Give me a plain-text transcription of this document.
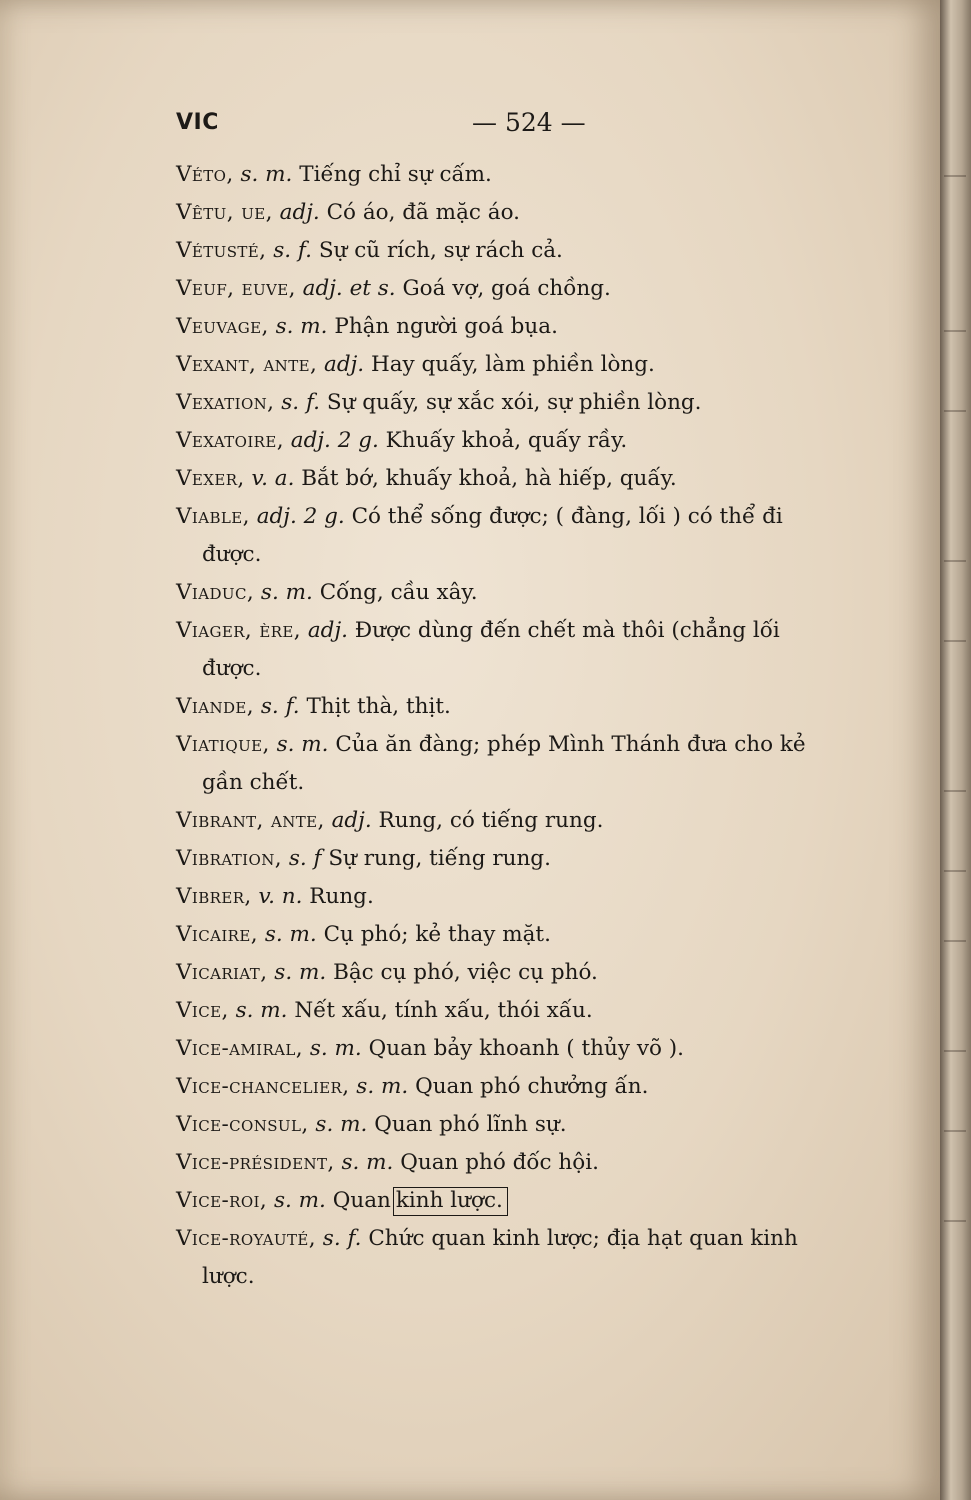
VIC	— 524 —
Véto, s. m. Tiếng chỉ sự cấm.
Vêtu, ue, adj. Có áo, đã mặc áo.
Vétusté, s. f. Sự cũ rích, sự rách cả.
Veuf, euve, adj. et s. Goá vợ, goá chồng.
Veuvage, s. m. Phận người goá bụa.
Vexant, ante, adj. Hay quấy, làm phiền lòng.
Vexation, s. f. Sự quấy, sự xắc xói, sự phiền lòng.
Vexatoire, adj. 2 g. Khuấy khoả, quấy rầy.
Vexer, v. a. Bắt bớ, khuấy khoả, hà hiếp, quấy.
Viable, adj. 2 g. Có thể sống được; ( đàng, lối ) có thể đi
được.
Viaduc, s. m. Cống, cầu xây.
Viager, ère, adj. Được dùng đến chết mà thôi (chẳng lối
được.
Viande, s. f. Thịt thà, thịt.
Viatique, s. m. Của ăn đàng; phép Mình Thánh đưa cho kẻ
gần chết.
Vibrant, ante, adj. Rung, có tiếng rung.
Vibration, s. f Sự rung, tiếng rung.
Vibrer, v. n. Rung.
Vicaire, s. m. Cụ phó; kẻ thay mặt.
Vicariat, s. m. Bậc cụ phó, việc cụ phó.
Vice, s. m. Nết xấu, tính xấu, thói xấu.
Vice-amiral, s. m. Quan bảy khoanh ( thủy võ ).
Vice-chancelier, s. m. Quan phó chưởng ấn.
Vice-consul, s. m. Quan phó lĩnh sự.
Vice-président, s. m. Quan phó đốc hội.
Vice-roi, s. m. Quan kinh lược.
Vice-royauté, s. f. Chức quan kinh lược; địa hạt quan kinh
lược.
